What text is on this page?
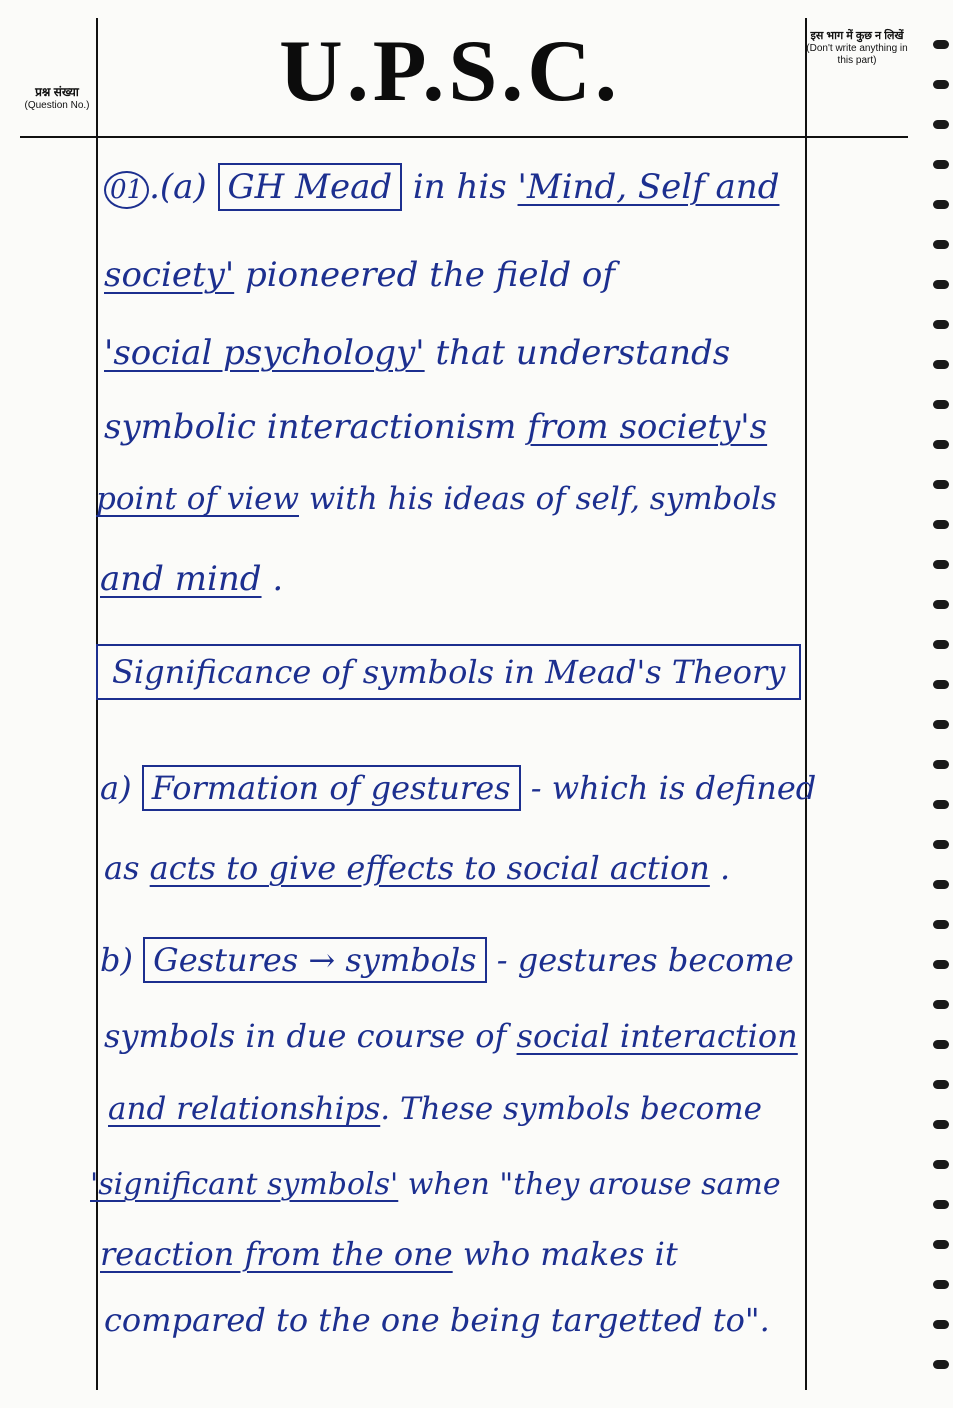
प्रश्न संख्या
(Question No.)	U.P.S.C.	इस भाग में कुछ न लिखें
(Don't write anything in this part)
01 .(a) GH Mead in his 'Mind, Self and
society' pioneered the field of
'social psychology' that understands
symbolic interactionism from society's
point of view with his ideas of self, symbols
and mind .
Significance of symbols in Mead's Theory
a) Formation of gestures - which is defined
as acts to give effects to social action .
b) Gestures → symbols - gestures become
symbols in due course of social interaction
and relationships. These symbols become
'significant symbols' when "they arouse same
reaction from the one who makes it
compared to the one being targetted to".
